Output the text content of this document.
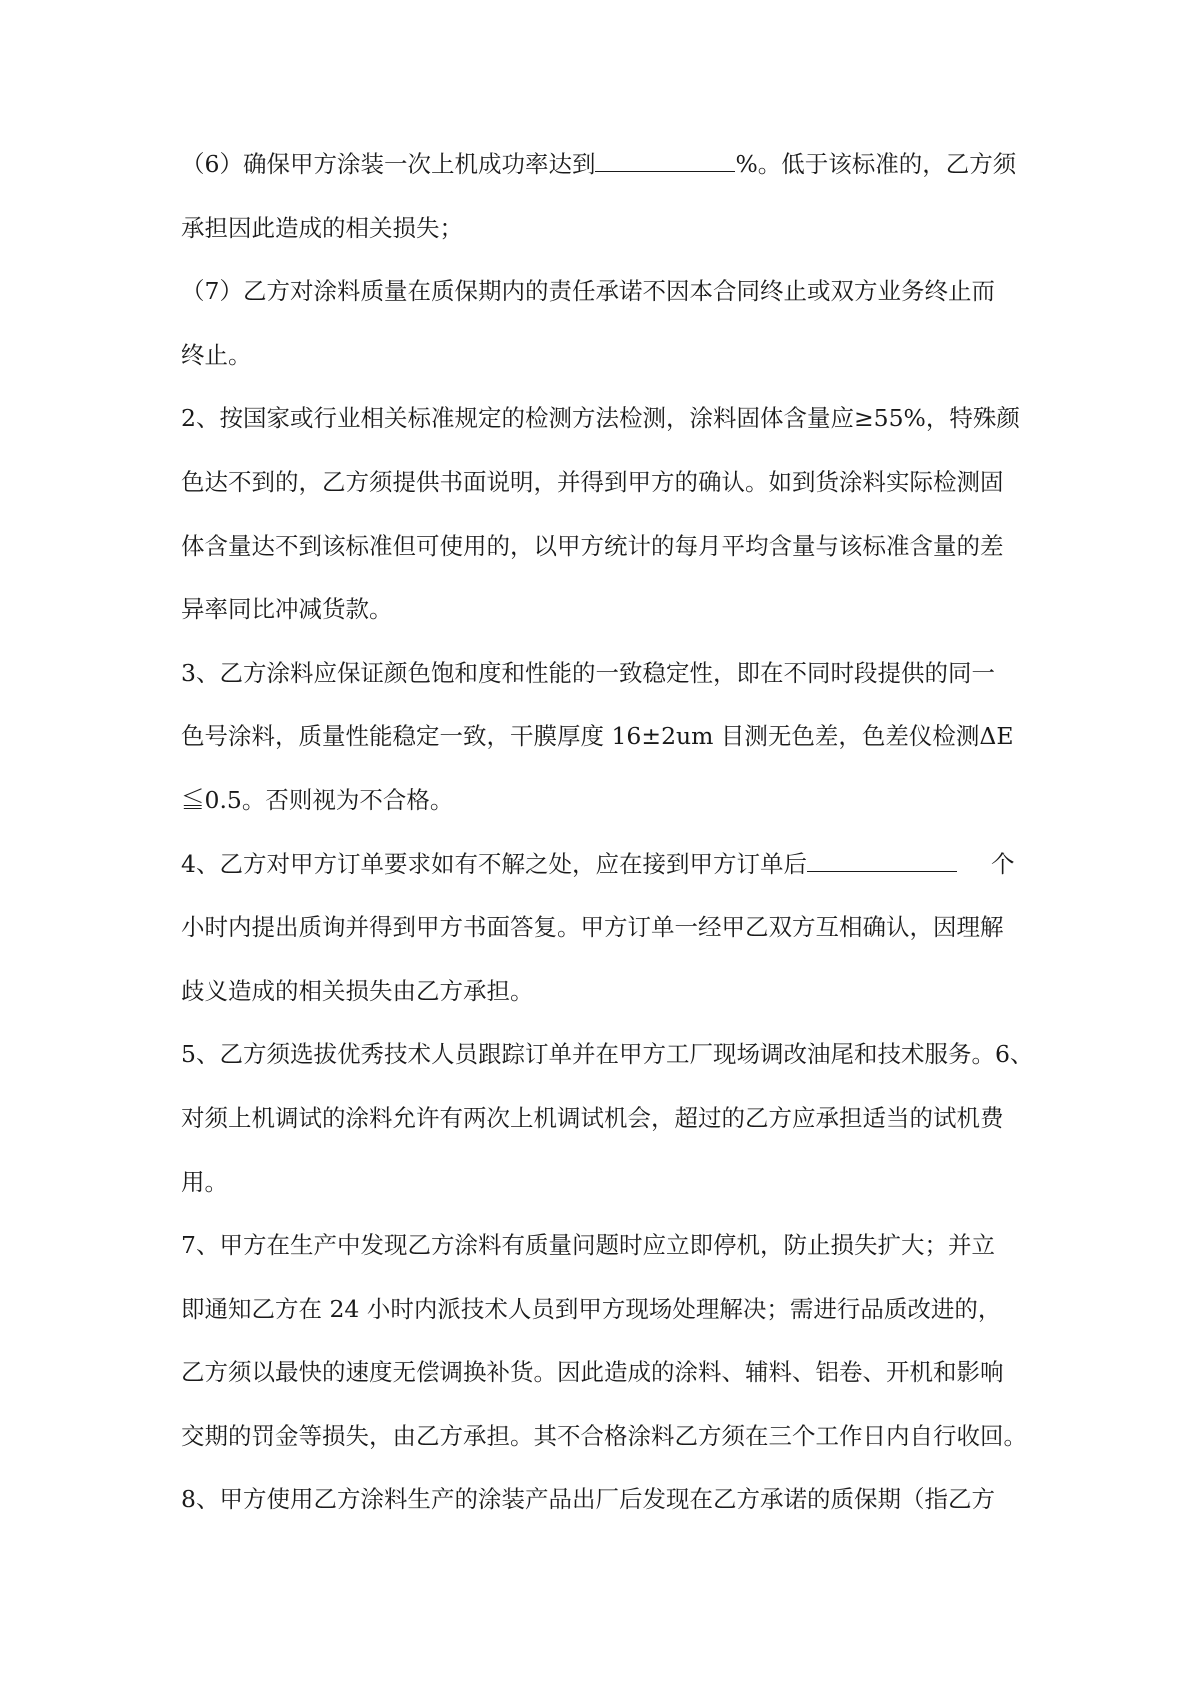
（6）确保甲方涂装一次上机成功率达到	%。低于该标准的，乙方须
承担因此造成的相关损失；
（7）乙方对涂料质量在质保期内的责任承诺不因本合同终止或双方业务终止而
终止。
2、按国家或行业相关标准规定的检测方法检测，涂料固体含量应≥55%，特殊颜
色达不到的，乙方须提供书面说明，并得到甲方的确认。如到货涂料实际检测固
体含量达不到该标准但可使用的，以甲方统计的每月平均含量与该标准含量的差
异率同比冲减货款。
3、乙方涂料应保证颜色饱和度和性能的一致稳定性，即在不同时段提供的同一
色号涂料，质量性能稳定一致，干膜厚度 16±2um 目测无色差，色差仪检测ΔE
≦0.5。否则视为不合格。
4、乙方对甲方订单要求如有不解之处，应在接到甲方订单后	个
小时内提出质询并得到甲方书面答复。甲方订单一经甲乙双方互相确认，因理解
歧义造成的相关损失由乙方承担。
5、乙方须选拔优秀技术人员跟踪订单并在甲方工厂现场调改油尾和技术服务。6、
对须上机调试的涂料允许有两次上机调试机会，超过的乙方应承担适当的试机费
用。
7、甲方在生产中发现乙方涂料有质量问题时应立即停机，防止损失扩大；并立
即通知乙方在 24 小时内派技术人员到甲方现场处理解决；需进行品质改进的，
乙方须以最快的速度无偿调换补货。因此造成的涂料、辅料、铝卷、开机和影响
交期的罚金等损失，由乙方承担。其不合格涂料乙方须在三个工作日内自行收回。
8、甲方使用乙方涂料生产的涂装产品出厂后发现在乙方承诺的质保期（指乙方
